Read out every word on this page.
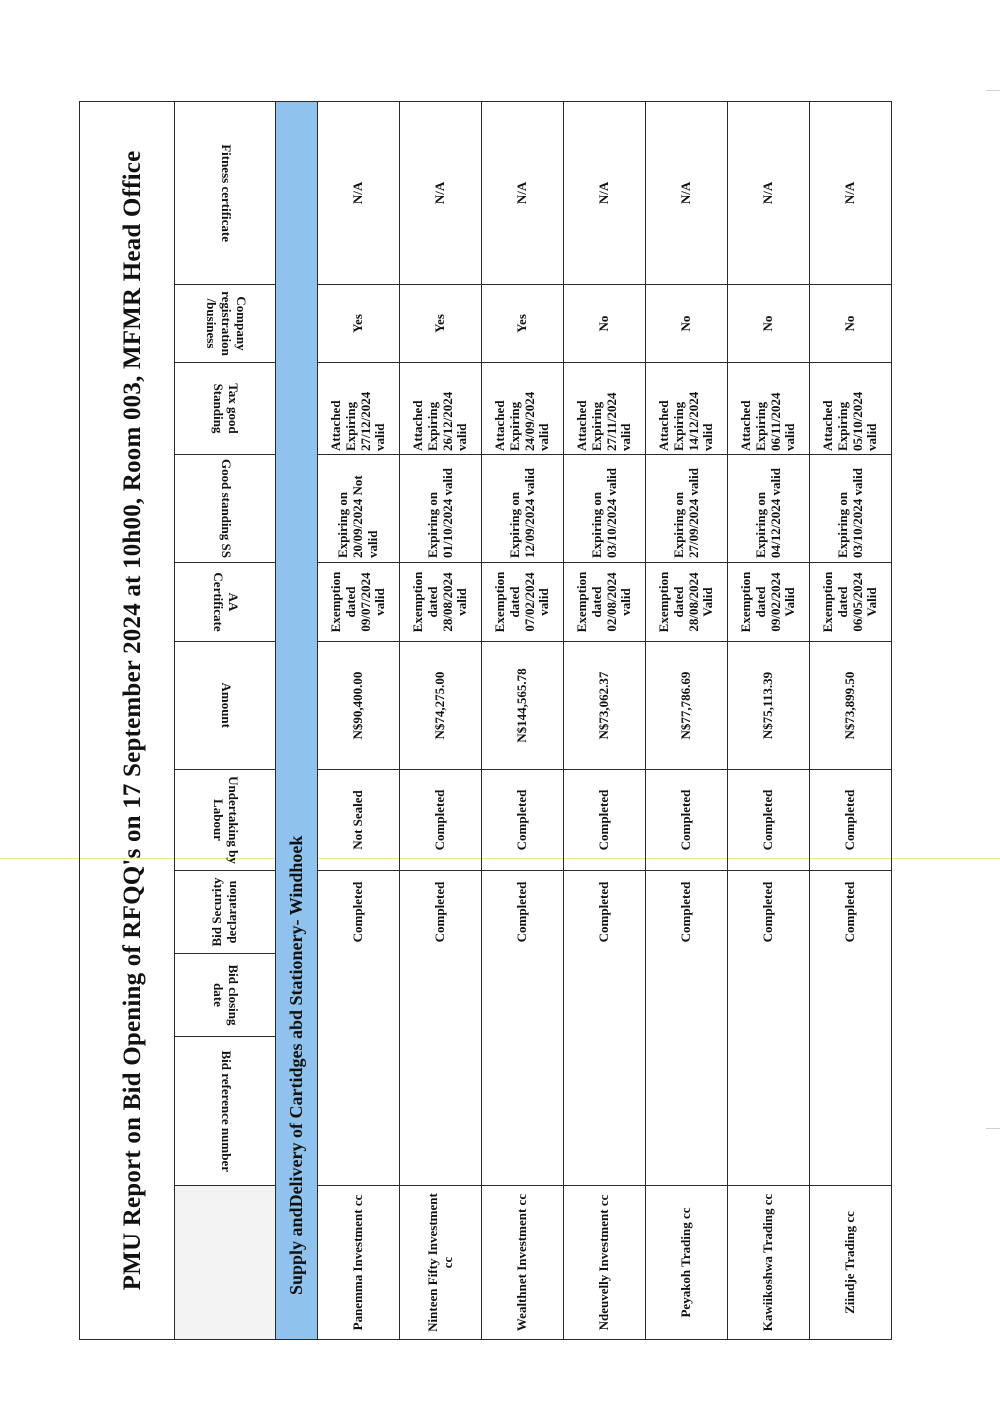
PMU Report on Bid Opening of RFQQ's on 17 September 2024 at 10h00, Room 003, MFMR Head Office										
	Bid reference number	Bid closing date	Bid Security declaration	Undertaking by Labour	Amount	AA Certificate	Good standing SS	Tax good Standing	Company registration /business	Fitness certificate
Supply andDelivery of Cartidges abd Stationery- Windhoek										
Panemma Investment cc			Completed	Not Sealed	N$90,400.00	Exemption dated 09/07/2024 valid	Expiring on 20/09/2024 Not valid	Attached Expiring 27/12/2024 valid	Yes	N/A
Ninteen Fifty Investment cc			Completed	Completed	N$74,275.00	Exemption dated 28/08/2024 valid	Expiring on 01/10/2024 valid	Attached Expiring 26/12/2024 valid	Yes	N/A
Wealthnet Investment cc			Completed	Completed	N$144,565.78	Exemption dated 07/02/2024 valid	Expiring on 12/09/2024 valid	Attached Expiring 24/09/2024 valid	Yes	N/A
Ndeuvelly Investment cc			Completed	Completed	N$73,062.37	Exemption dated 02/08/2024 valid	Expiring on 03/10/2024 valid	Attached Expiring 27/11/2024 valid	No	N/A
Peyakoh Trading cc			Completed	Completed	N$77,786.69	Exemption dated 28/08/2024 Valid	Expiring on 27/09/2024 valid	Attached Expiring 14/12/2024 valid	No	N/A
Kawiikoshwa Trading cc			Completed	Completed	N$75,113.39	Exemption dated 09/02/2024 Valid	Expiring on 04/12/2024 valid	Attached Expiring 06/11/2024 valid	No	N/A
Ziindje Trading cc			Completed	Completed	N$73,899.50	Exemption dated 06/05/2024 Valid	Expiring on 03/10/2024 valid	Attached Expiring 05/10/2024 valid	No	N/A
